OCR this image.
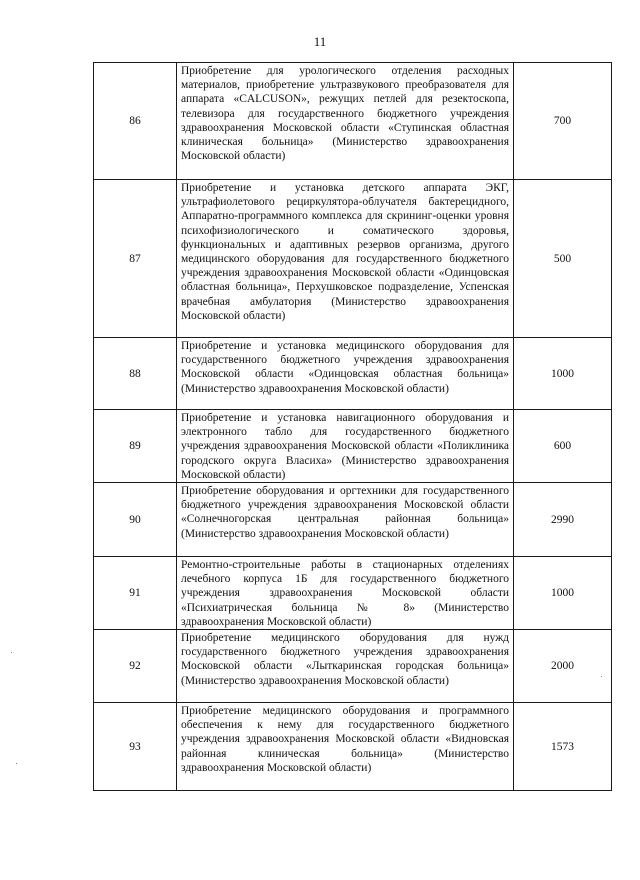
11
86	Приобретение для урологического отделения расходных материалов, приобретение ультразвукового преобразователя для аппарата «CALCUSON», режущих петлей для резектоскопа, телевизора для государственного бюджетного учреждения здравоохранения Московской области «Ступинская областная клиническая больница» (Министерство здравоохранения Московской области)	700
87	Приобретение и установка детского аппарата ЭКГ, ультрафиолетового рециркулятора-облучателя бактерецидного, Аппаратно-программного комплекса для скрининг-оценки уровня психофизиологического и соматического здоровья, функциональных и адаптивных резервов организма, другого медицинского оборудования для государственного бюджетного учреждения здравоохранения Московской области «Одинцовская областная больница», Перхушковское подразделение, Успенская врачебная амбулатория (Министерство здравоохранения Московской области)	500
88	Приобретение и установка медицинского оборудования для государственного бюджетного учреждения здравоохранения Московской области «Одинцовская областная больница» (Министерство здравоохранения Московской области)	1000
89	Приобретение и установка навигационного оборудования и электронного табло для государственного бюджетного учреждения здравоохранения Московской области «Поликлиника городского округа Власиха» (Министерство здравоохранения Московской области)	600
90	Приобретение оборудования и оргтехники для государственного бюджетного учреждения здравоохранения Московской области «Солнечногорская центральная районная больница» (Министерство здравоохранения Московской области)	2990
91	Ремонтно-строительные работы в стационарных отделениях лечебного корпуса 1Б для государственного бюджетного учреждения здравоохранения Московской области «Психиатрическая больница № 8» (Министерство здравоохранения Московской области)	1000
92	Приобретение медицинского оборудования для нужд государственного бюджетного учреждения здравоохранения Московской области «Лыткаринская городская больница» (Министерство здравоохранения Московской области)	2000
93	Приобретение медицинского оборудования и программного обеспечения к нему для государственного бюджетного учреждения здравоохранения Московской области «Видновская районная клиническая больница» (Министерство здравоохранения Московской области)	1573
